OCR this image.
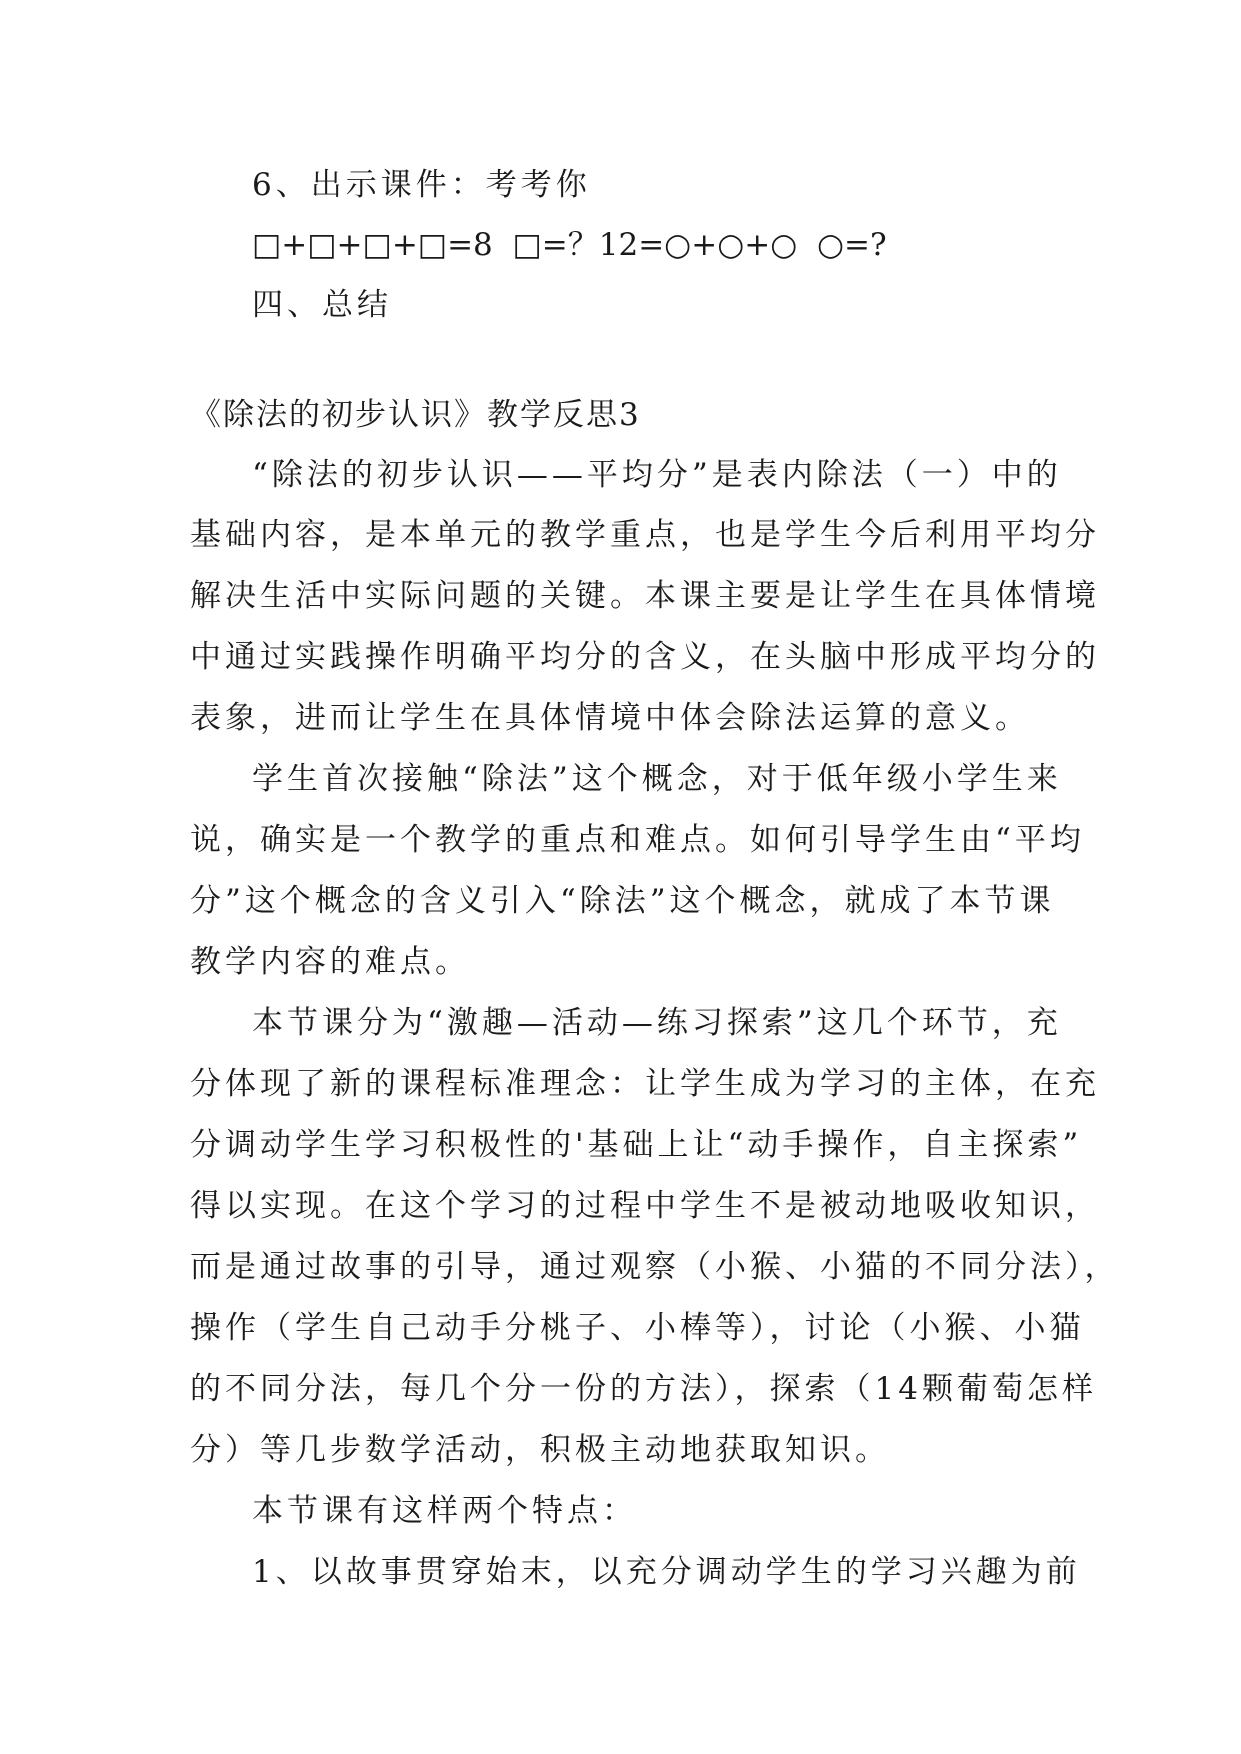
6、出示课件：考考你
□+□+□+□=8  □=？12=○+○+○  ○=?
四、总结
《除法的初步认识》教学反思3
“除法的初步认识——平均分”是表内除法（一）中的
基础内容，是本单元的教学重点，也是学生今后利用平均分
解决生活中实际问题的关键。本课主要是让学生在具体情境
中通过实践操作明确平均分的含义，在头脑中形成平均分的
表象，进而让学生在具体情境中体会除法运算的意义。
学生首次接触“除法”这个概念，对于低年级小学生来
说，确实是一个教学的重点和难点。如何引导学生由“平均
分”这个概念的含义引入“除法”这个概念，就成了本节课
教学内容的难点。
本节课分为“激趣—活动—练习探索”这几个环节，充
分体现了新的课程标准理念：让学生成为学习的主体，在充
分调动学生学习积极性的'基础上让“动手操作，自主探索”
得以实现。在这个学习的过程中学生不是被动地吸收知识，
而是通过故事的引导，通过观察（小猴、小猫的不同分法），
操作（学生自己动手分桃子、小棒等），讨论（小猴、小猫
的不同分法，每几个分一份的方法），探索（14颗葡萄怎样
分）等几步数学活动，积极主动地获取知识。
本节课有这样两个特点：
1、以故事贯穿始末，以充分调动学生的学习兴趣为前
